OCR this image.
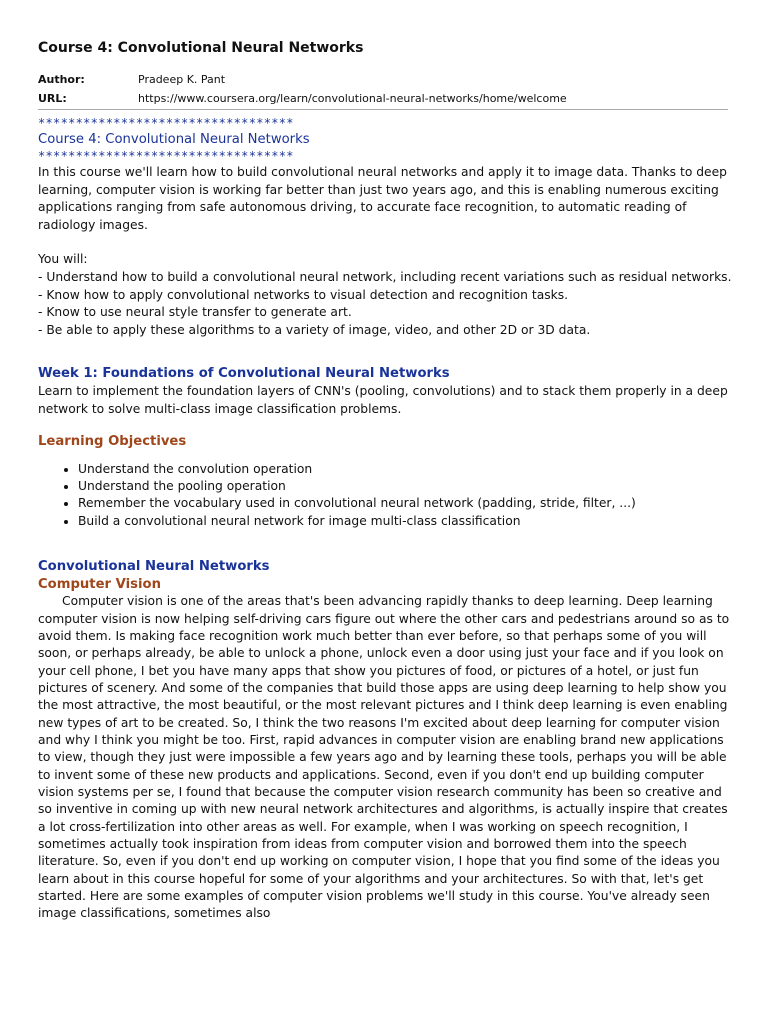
Course 4: Convolutional Neural Networks
Author:	Pradeep K. Pant
URL:	https://www.coursera.org/learn/convolutional-neural-networks/home/welcome
**********************************
Course 4: Convolutional Neural Networks
**********************************

In this course we'll learn how to build convolutional neural networks and apply it to image data. Thanks to deep learning, computer vision is working far better than just two years ago, and this is enabling numerous exciting applications ranging from safe autonomous driving, to accurate face recognition, to automatic reading of radiology images.

You will:

- Understand how to build a convolutional neural network, including recent variations such as residual networks.

- Know how to apply convolutional networks to visual detection and recognition tasks.

- Know to use neural style transfer to generate art.

- Be able to apply these algorithms to a variety of image, video, and other 2D or 3D data.

Week 1: Foundations of Convolutional Neural Networks

Learn to implement the foundation layers of CNN's (pooling, convolutions) and to stack them properly in a deep network to solve multi-class image classification problems.

Learning Objectives
• Understand the convolution operation
• Understand the pooling operation
• Remember the vocabulary used in convolutional neural network (padding, stride, filter, ...)
• Build a convolutional neural network for image multi-class classification
Convolutional Neural Networks
Computer Vision

Computer vision is one of the areas that's been advancing rapidly thanks to deep learning. Deep learning computer vision is now helping self-driving cars figure out where the other cars and pedestrians around so as to avoid them. Is making face recognition work much better than ever before, so that perhaps some of you will soon, or perhaps already, be able to unlock a phone, unlock even a door using just your face and if you look on your cell phone, I bet you have many apps that show you pictures of food, or pictures of a hotel, or just fun pictures of scenery. And some of the companies that build those apps are using deep learning to help show you the most attractive, the most beautiful, or the most relevant pictures and I think deep learning is even enabling new types of art to be created. So, I think the two reasons I'm excited about deep learning for computer vision and why I think you might be too. First, rapid advances in computer vision are enabling brand new applications to view, though they just were impossible a few years ago and by learning these tools, perhaps you will be able to invent some of these new products and applications. Second, even if you don't end up building computer vision systems per se, I found that because the computer vision research community has been so creative and so inventive in coming up with new neural network architectures and algorithms, is actually inspire that creates a lot cross-fertilization into other areas as well. For example, when I was working on speech recognition, I sometimes actually took inspiration from ideas from computer vision and borrowed them into the speech literature. So, even if you don't end up working on computer vision, I hope that you find some of the ideas you learn about in this course hopeful for some of your algorithms and your architectures. So with that, let's get started. Here are some examples of computer vision problems we'll study in this course. You've already seen image classifications, sometimes also
